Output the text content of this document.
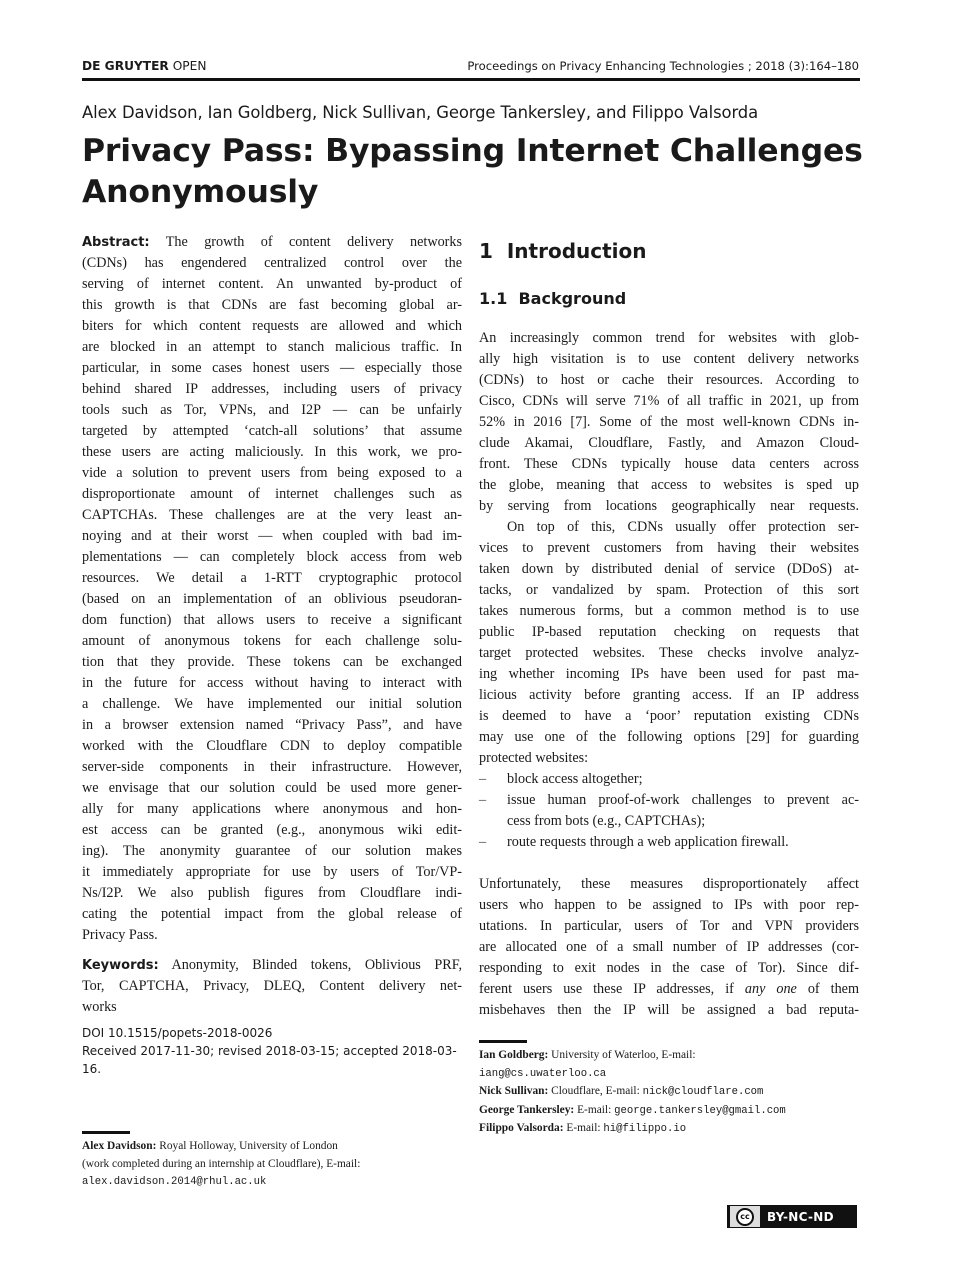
DE GRUYTER OPEN	Proceedings on Privacy Enhancing Technologies ; 2018 (3):164–180
Alex Davidson, Ian Goldberg, Nick Sullivan, George Tankersley, and Filippo Valsorda
Privacy Pass: Bypassing Internet Challenges
Anonymously
Abstract: The growth of content delivery networks
(CDNs) has engendered centralized control over the
serving of internet content. An unwanted by-product of
this growth is that CDNs are fast becoming global ar-
biters for which content requests are allowed and which
are blocked in an attempt to stanch malicious traffic. In
particular, in some cases honest users — especially those
behind shared IP addresses, including users of privacy
tools such as Tor, VPNs, and I2P — can be unfairly
targeted by attempted ‘catch-all solutions’ that assume
these users are acting maliciously. In this work, we pro-
vide a solution to prevent users from being exposed to a
disproportionate amount of internet challenges such as
CAPTCHAs. These challenges are at the very least an-
noying and at their worst — when coupled with bad im-
plementations — can completely block access from web
resources. We detail a 1-RTT cryptographic protocol
(based on an implementation of an oblivious pseudoran-
dom function) that allows users to receive a significant
amount of anonymous tokens for each challenge solu-
tion that they provide. These tokens can be exchanged
in the future for access without having to interact with
a challenge. We have implemented our initial solution
in a browser extension named “Privacy Pass”, and have
worked with the Cloudflare CDN to deploy compatible
server-side components in their infrastructure. However,
we envisage that our solution could be used more gener-
ally for many applications where anonymous and hon-
est access can be granted (e.g., anonymous wiki edit-
ing). The anonymity guarantee of our solution makes
it immediately appropriate for use by users of Tor/VP-
Ns/I2P. We also publish figures from Cloudflare indi-
cating the potential impact from the global release of
Privacy Pass.
Keywords: Anonymity, Blinded tokens, Oblivious PRF,
Tor, CAPTCHA, Privacy, DLEQ, Content delivery net-
works
DOI 10.1515/popets-2018-0026
Received 2017-11-30; revised 2018-03-15; accepted 2018-03-16.
Alex Davidson: Royal Holloway, University of London
(work completed during an internship at Cloudflare), E-mail:
alex.davidson.2014@rhul.ac.uk
1 Introduction
1.1 Background
An increasingly common trend for websites with glob-
ally high visitation is to use content delivery networks
(CDNs) to host or cache their resources. According to
Cisco, CDNs will serve 71% of all traffic in 2021, up from
52% in 2016 [7]. Some of the most well-known CDNs in-
clude Akamai, Cloudflare, Fastly, and Amazon Cloud-
front. These CDNs typically house data centers across
the globe, meaning that access to websites is sped up
by serving from locations geographically near requests.
On top of this, CDNs usually offer protection ser-
vices to prevent customers from having their websites
taken down by distributed denial of service (DDoS) at-
tacks, or vandalized by spam. Protection of this sort
takes numerous forms, but a common method is to use
public IP-based reputation checking on requests that
target protected websites. These checks involve analyz-
ing whether incoming IPs have been used for past ma-
licious activity before granting access. If an IP address
is deemed to have a ‘poor’ reputation existing CDNs
may use one of the following options [29] for guarding
protected websites:
–	block access altogether;
–	issue human proof-of-work challenges to prevent ac-
cess from bots (e.g., CAPTCHAs);
–	route requests through a web application firewall.
Unfortunately, these measures disproportionately affect
users who happen to be assigned to IPs with poor rep-
utations. In particular, users of Tor and VPN providers
are allocated one of a small number of IP addresses (cor-
responding to exit nodes in the case of Tor). Since dif-
ferent users use these IP addresses, if any one of them
misbehaves then the IP will be assigned a bad reputa-
Ian Goldberg: University of Waterloo, E-mail:
iang@cs.uwaterloo.ca
Nick Sullivan: Cloudflare, E-mail: nick@cloudflare.com
George Tankersley: E-mail: george.tankersley@gmail.com
Filippo Valsorda: E-mail: hi@filippo.io
cc	BY-NC-ND
